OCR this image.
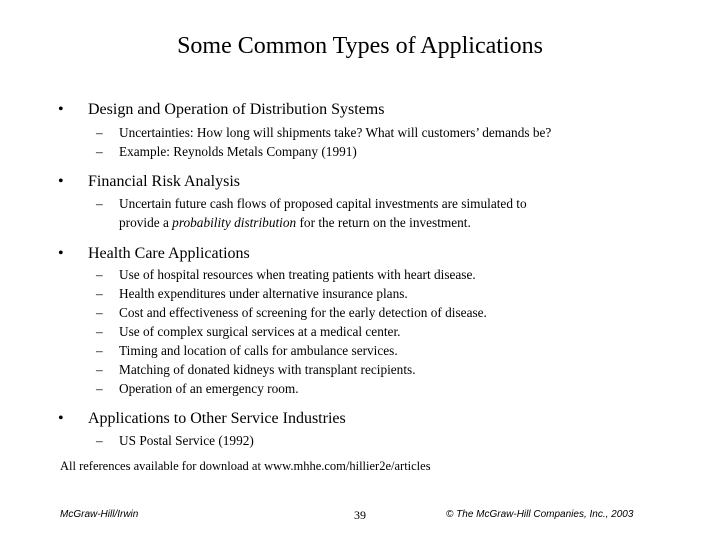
Some Common Types of Applications
• Design and Operation of Distribution Systems
– Uncertainties: How long will shipments take? What will customers’ demands be?
– Example: Reynolds Metals Company (1991)
• Financial Risk Analysis
– Uncertain future cash flows of proposed capital investments are simulated to
provide a probability distribution for the return on the investment.
• Health Care Applications
– Use of hospital resources when treating patients with heart disease.
– Health expenditures under alternative insurance plans.
– Cost and effectiveness of screening for the early detection of disease.
– Use of complex surgical services at a medical center.
– Timing and location of calls for ambulance services.
– Matching of donated kidneys with transplant recipients.
– Operation of an emergency room.
• Applications to Other Service Industries
– US Postal Service (1992)
All references available for download at www.mhhe.com/hillier2e/articles
McGraw-Hill/Irwin	39	© The McGraw-Hill Companies, Inc., 2003
